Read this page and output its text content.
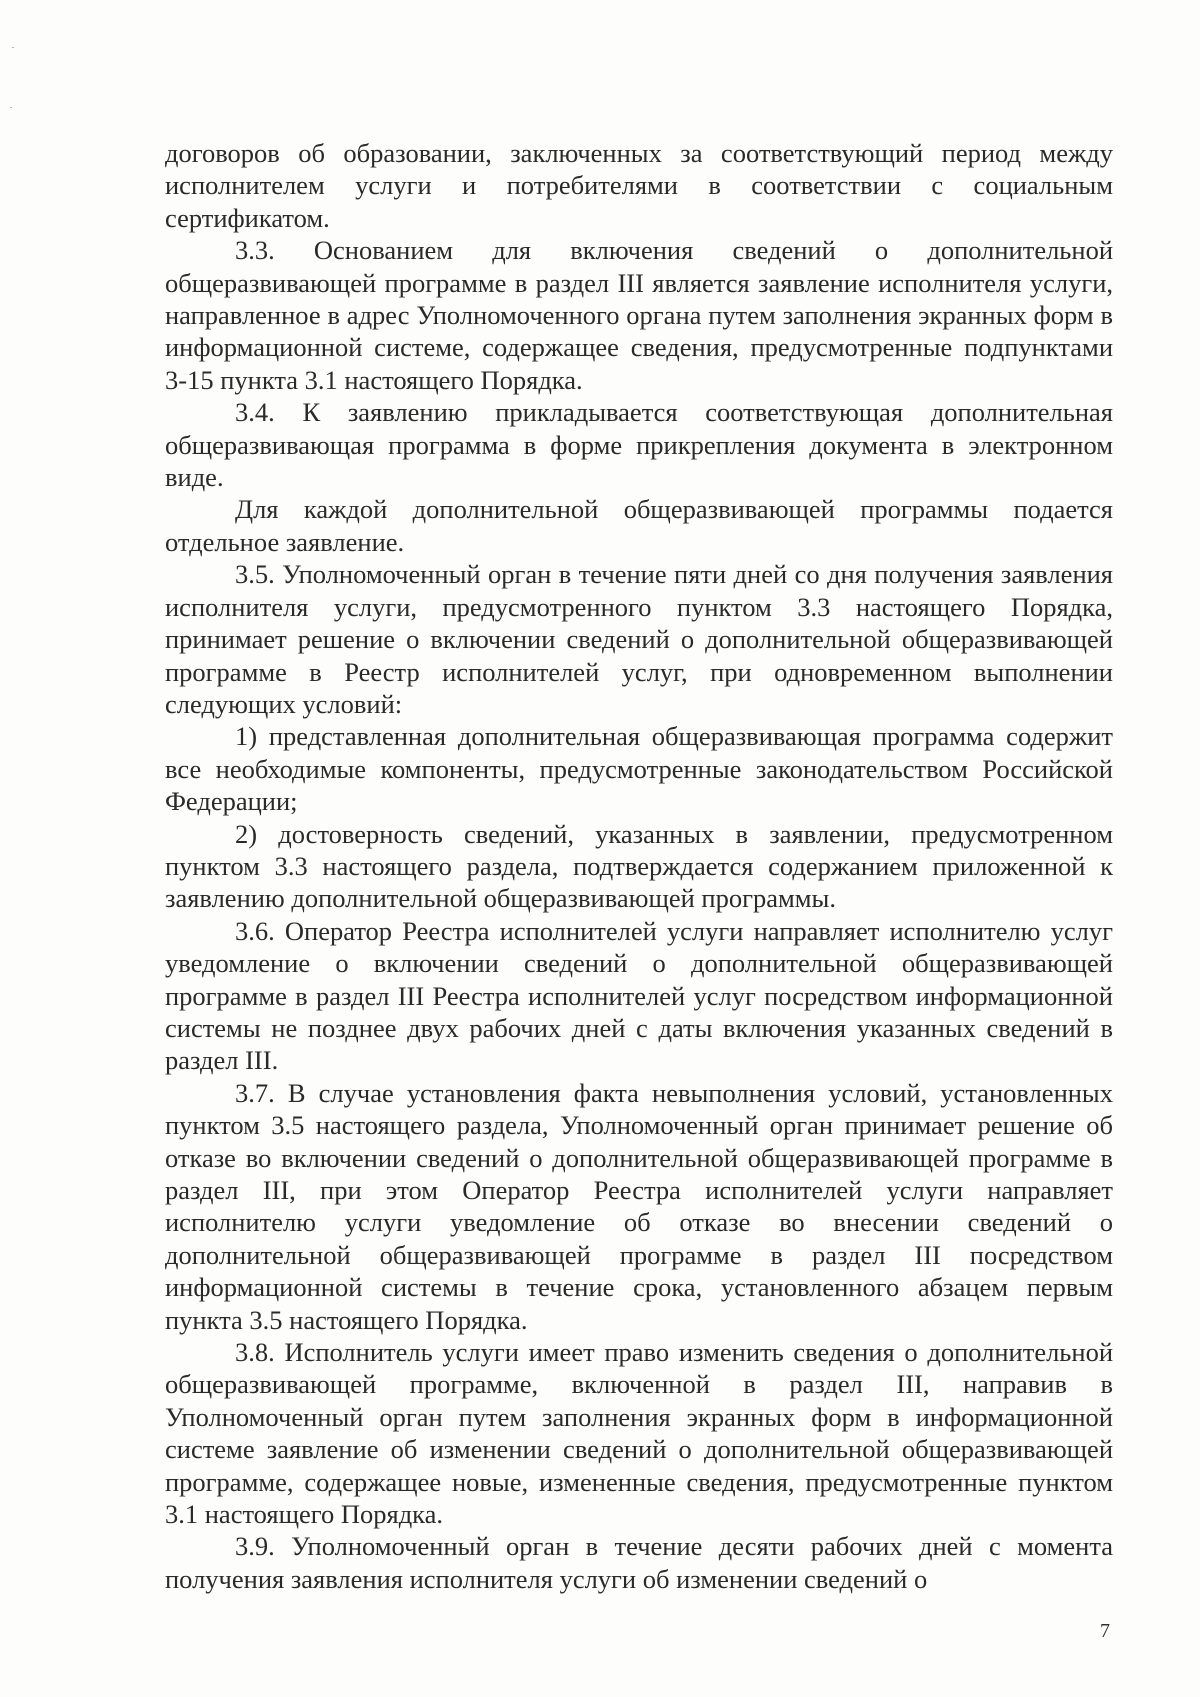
договоров об образовании, заключенных за соответствующий период между исполнителем услуги и потребителями в соответствии с социальным сертификатом.

3.3. Основанием для включения сведений о дополнительной общеразвивающей программе в раздел III является заявление исполнителя услуги, направленное в адрес Уполномоченного органа путем заполнения экранных форм в информационной системе, содержащее сведения, предусмотренные подпунктами 3-15 пункта 3.1 настоящего Порядка.

3.4. К заявлению прикладывается соответствующая дополнительная общеразвивающая программа в форме прикрепления документа в электронном виде.

Для каждой дополнительной общеразвивающей программы подается отдельное заявление.

3.5. Уполномоченный орган в течение пяти дней со дня получения заявления исполнителя услуги, предусмотренного пунктом 3.3 настоящего Порядка, принимает решение о включении сведений о дополнительной общеразвивающей программе в Реестр исполнителей услуг, при одновременном выполнении следующих условий:

1) представленная дополнительная общеразвивающая программа содержит все необходимые компоненты, предусмотренные законодательством Российской Федерации;

2) достоверность сведений, указанных в заявлении, предусмотренном пунктом 3.3 настоящего раздела, подтверждается содержанием приложенной к заявлению дополнительной общеразвивающей программы.

3.6. Оператор Реестра исполнителей услуги направляет исполнителю услуг уведомление о включении сведений о дополнительной общеразвивающей программе в раздел III Реестра исполнителей услуг посредством информационной системы не позднее двух рабочих дней с даты включения указанных сведений в раздел III.

3.7. В случае установления факта невыполнения условий, установленных пунктом 3.5 настоящего раздела, Уполномоченный орган принимает решение об отказе во включении сведений о дополнительной общеразвивающей программе в раздел III, при этом Оператор Реестра исполнителей услуги направляет исполнителю услуги уведомление об отказе во внесении сведений о дополнительной общеразвивающей программе в раздел III посредством информационной системы в течение срока, установленного абзацем первым пункта 3.5 настоящего Порядка.

3.8. Исполнитель услуги имеет право изменить сведения о дополнительной общеразвивающей программе, включенной в раздел III, направив в Уполномоченный орган путем заполнения экранных форм в информационной системе заявление об изменении сведений о дополнительной общеразвивающей программе, содержащее новые, измененные сведения, предусмотренные пунктом 3.1 настоящего Порядка.

3.9. Уполномоченный орган в течение десяти рабочих дней с момента получения заявления исполнителя услуги об изменении сведений о

7
